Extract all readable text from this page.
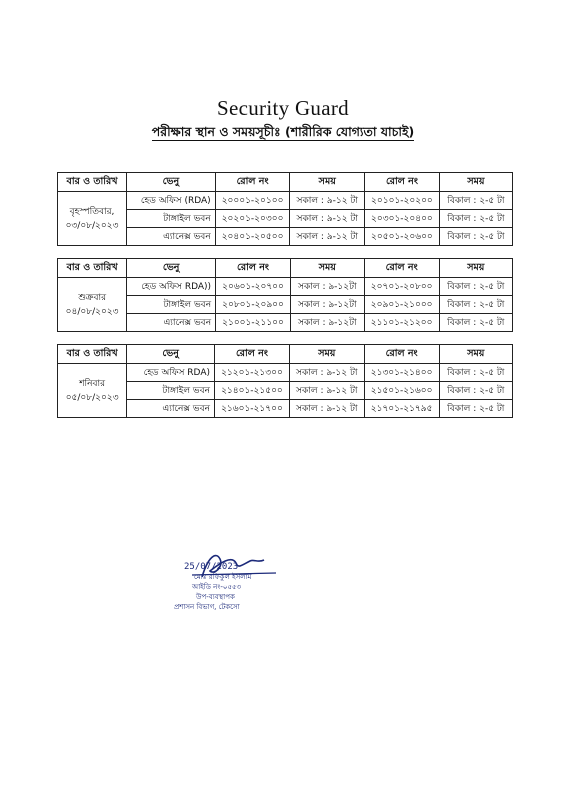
Security Guard
পরীক্ষার স্থান ও সময়সূচীঃ (শারীরিক যোগ্যতা যাচাই)
বার ও তারিখ	ভেনু	রোল নং	সময়	রোল নং	সময়

বৃহস্পতিবার,
০৩/০৮/২০২৩	হেড অফিস (RDA)	২০০০১-২০১০০	সকাল : ৯-১২ টা	২০১০১-২০২০০	বিকাল : ২-৫ টা
	টাঙ্গাইল ভবন	২০২০১-২০৩০০	সকাল : ৯-১২ টা	২০৩০১-২০৪০০	বিকাল : ২-৫ টা
	এ্যানেক্স ভবন	২০৪০১-২০৫০০	সকাল : ৯-১২ টা	২০৫০১-২০৬০০	বিকাল : ২-৫ টা
বার ও তারিখ	ভেনু	রোল নং	সময়	রোল নং	সময়

শুক্রবার
০৪/০৮/২০২৩	হেড অফিস RDA))	২০৬০১-২০৭০০	সকাল : ৯-১২টা	২০৭০১-২০৮০০	বিকাল : ২-৫ টা
	টাঙ্গাইল ভবন	২০৮০১-২০৯০০	সকাল : ৯-১২টা	২০৯০১-২১০০০	বিকাল : ২-৫ টা
	এ্যানেক্স ভবন	২১০০১-২১১০০	সকাল : ৯-১২টা	২১১০১-২১২০০	বিকাল : ২-৫ টা
বার ও তারিখ	ভেনু	রোল নং	সময়	রোল নং	সময়

শনিবার
০৫/০৮/২০২৩	হেড অফিস RDA)	২১২০১-২১৩০০	সকাল : ৯-১২ টা	২১৩০১-২১৪০০	বিকাল : ২-৫ টা
	টাঙ্গাইল ভবন	২১৪০১-২১৫০০	সকাল : ৯-১২ টা	২১৫০১-২১৬০০	বিকাল : ২-৫ টা
	এ্যানেক্স ভবন	২১৬০১-২১৭০০	সকাল : ৯-১২ টা	২১৭০১-২১৭৯৫	বিকাল : ২-৫ টা
25/07/2023
মোঃ রফিকুল ইসলাম
আইডি নং-০৫৫৩
উপ-ব্যবস্থাপক
প্রশাসন বিভাগ, টেকসো
